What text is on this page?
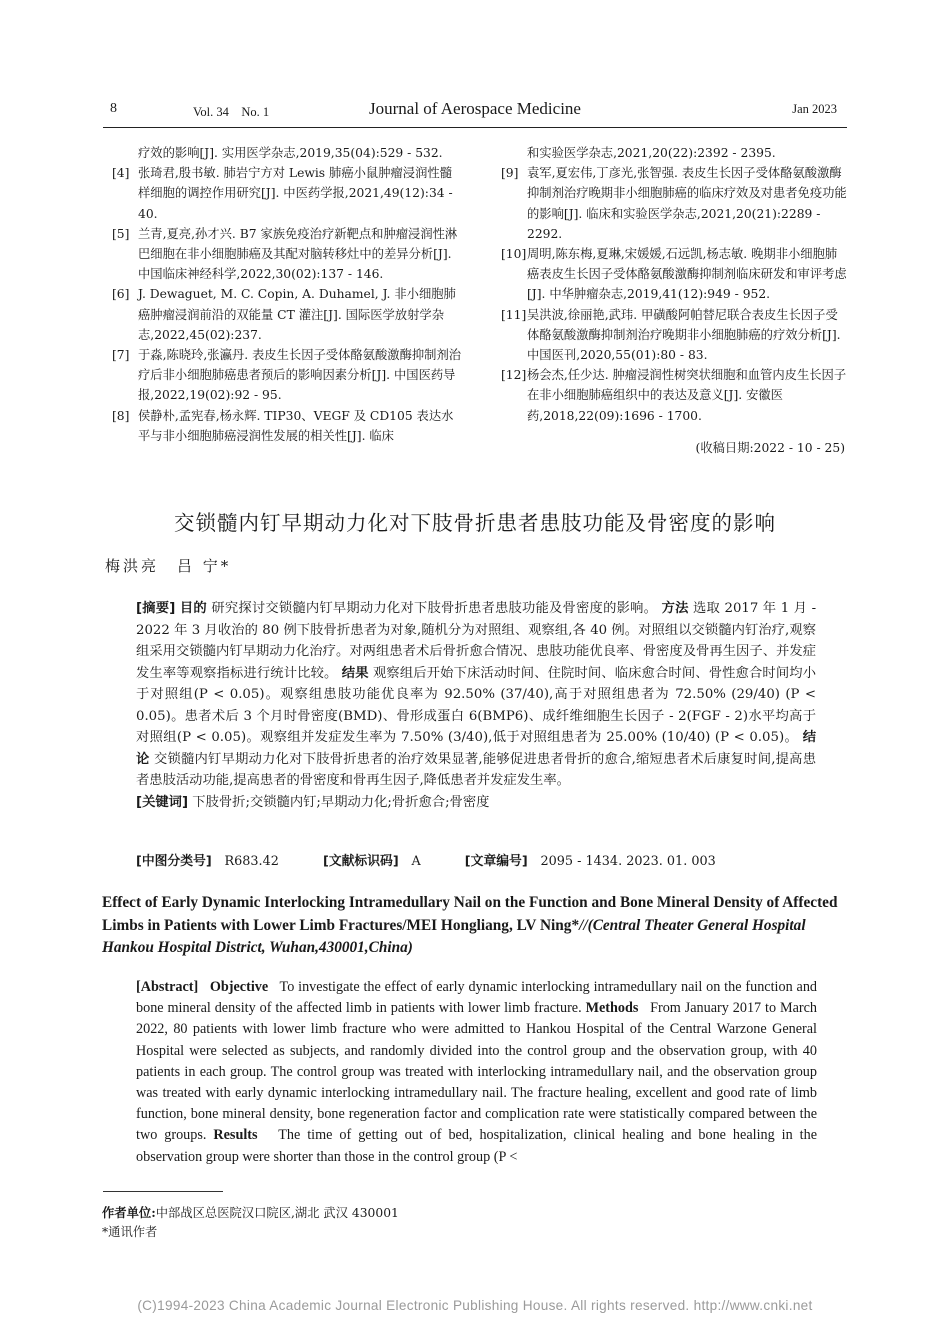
8	Vol. 34　No. 1	Journal of Aerospace Medicine	Jan 2023

疗效的影响[J]. 实用医学杂志,2019,35(04):529 - 532.

[4] 张琦君,殷书敏. 肺岩宁方对 Lewis 肺癌小鼠肿瘤浸润性髓样细胞的调控作用研究[J]. 中医药学报,2021,49(12):34 - 40.

[5] 兰青,夏亮,孙才兴. B7 家族免疫治疗新靶点和肿瘤浸润性淋巴细胞在非小细胞肺癌及其配对脑转移灶中的差异分析[J]. 中国临床神经科学,2022,30(02):137 - 146.

[6] J. Dewaguet, M. C. Copin, A. Duhamel, J. 非小细胞肺癌肿瘤浸润前沿的双能量 CT 灌注[J]. 国际医学放射学杂志,2022,45(02):237.

[7] 于淼,陈晓玲,张瀛丹. 表皮生长因子受体酪氨酸激酶抑制剂治疗后非小细胞肺癌患者预后的影响因素分析[J]. 中国医药导报,2022,19(02):92 - 95.

[8] 侯静朴,孟宪春,杨永辉. TIP30、VEGF 及 CD105 表达水平与非小细胞肺癌浸润性发展的相关性[J]. 临床

和实验医学杂志,2021,20(22):2392 - 2395.

[9] 袁军,夏宏伟,丁彦光,张智强. 表皮生长因子受体酪氨酸激酶抑制剂治疗晚期非小细胞肺癌的临床疗效及对患者免疫功能的影响[J]. 临床和实验医学杂志,2021,20(21):2289 - 2292.

[10] 周明,陈东梅,夏琳,宋媛媛,石远凯,杨志敏. 晚期非小细胞肺癌表皮生长因子受体酪氨酸激酶抑制剂临床研发和审评考虑[J]. 中华肿瘤杂志,2019,41(12):949 - 952.

[11] 吴洪波,徐丽艳,武玮. 甲磺酸阿帕替尼联合表皮生长因子受体酪氨酸激酶抑制剂治疗晚期非小细胞肺癌的疗效分析[J]. 中国医刊,2020,55(01):80 - 83.

[12] 杨会杰,任少达. 肿瘤浸润性树突状细胞和血管内皮生长因子在非小细胞肺癌组织中的表达及意义[J]. 安徽医药,2018,22(09):1696 - 1700.

(收稿日期:2022 - 10 - 25)

交锁髓内钉早期动力化对下肢骨折患者患肢功能及骨密度的影响
梅洪亮　吕 宁*
[摘要] 目的 研究探讨交锁髓内钉早期动力化对下肢骨折患者患肢功能及骨密度的影响。 方法 选取 2017 年 1 月 - 2022 年 3 月收治的 80 例下肢骨折患者为对象,随机分为对照组、观察组,各 40 例。对照组以交锁髓内钉治疗,观察组采用交锁髓内钉早期动力化治疗。对两组患者术后骨折愈合情况、患肢功能优良率、骨密度及骨再生因子、并发症发生率等观察指标进行统计比较。 结果 观察组后开始下床活动时间、住院时间、临床愈合时间、骨性愈合时间均小于对照组(P < 0.05)。观察组患肢功能优良率为 92.50% (37/40),高于对照组患者为 72.50% (29/40) (P < 0.05)。患者术后 3 个月时骨密度(BMD)、骨形成蛋白 6(BMP6)、成纤维细胞生长因子 - 2(FGF - 2)水平均高于对照组(P < 0.05)。观察组并发症发生率为 7.50% (3/40),低于对照组患者为 25.00% (10/40) (P < 0.05)。 结论 交锁髓内钉早期动力化对下肢骨折患者的治疗效果显著,能够促进患者骨折的愈合,缩短患者术后康复时间,提高患者患肢活动功能,提高患者的骨密度和骨再生因子,降低患者并发症发生率。
[关键词] 下肢骨折;交锁髓内钉;早期动力化;骨折愈合;骨密度
[中图分类号]　 R683.42	[文献标识码]　 A	[文章编号]　 2095 - 1434. 2023. 01. 003
Effect of Early Dynamic Interlocking Intramedullary Nail on the Function and Bone Mineral Density of Affected Limbs in Patients with Lower Limb Fractures/MEI Hongliang, LV Ning*//(Central Theater General Hospital Hankou Hospital District, Wuhan,430001,China)
[Abstract] Objective To investigate the effect of early dynamic interlocking intramedullary nail on the function and bone mineral density of the affected limb in patients with lower limb fracture. Methods From January 2017 to March 2022, 80 patients with lower limb fracture who were admitted to Hankou Hospital of the Central Warzone General Hospital were selected as subjects, and randomly divided into the control group and the observation group, with 40 patients in each group. The control group was treated with interlocking intramedullary nail, and the observation group was treated with early dynamic interlocking intramedullary nail. The fracture healing, excellent and good rate of limb function, bone mineral density, bone regeneration factor and complication rate were statistically compared between the two groups. Results The time of getting out of bed, hospitalization, clinical healing and bone healing in the observation group were shorter than those in the control group (P <
作者单位:中部战区总医院汉口院区,湖北 武汉 430001
*通讯作者
(C)1994-2023 China Academic Journal Electronic Publishing House. All rights reserved. http://www.cnki.net
